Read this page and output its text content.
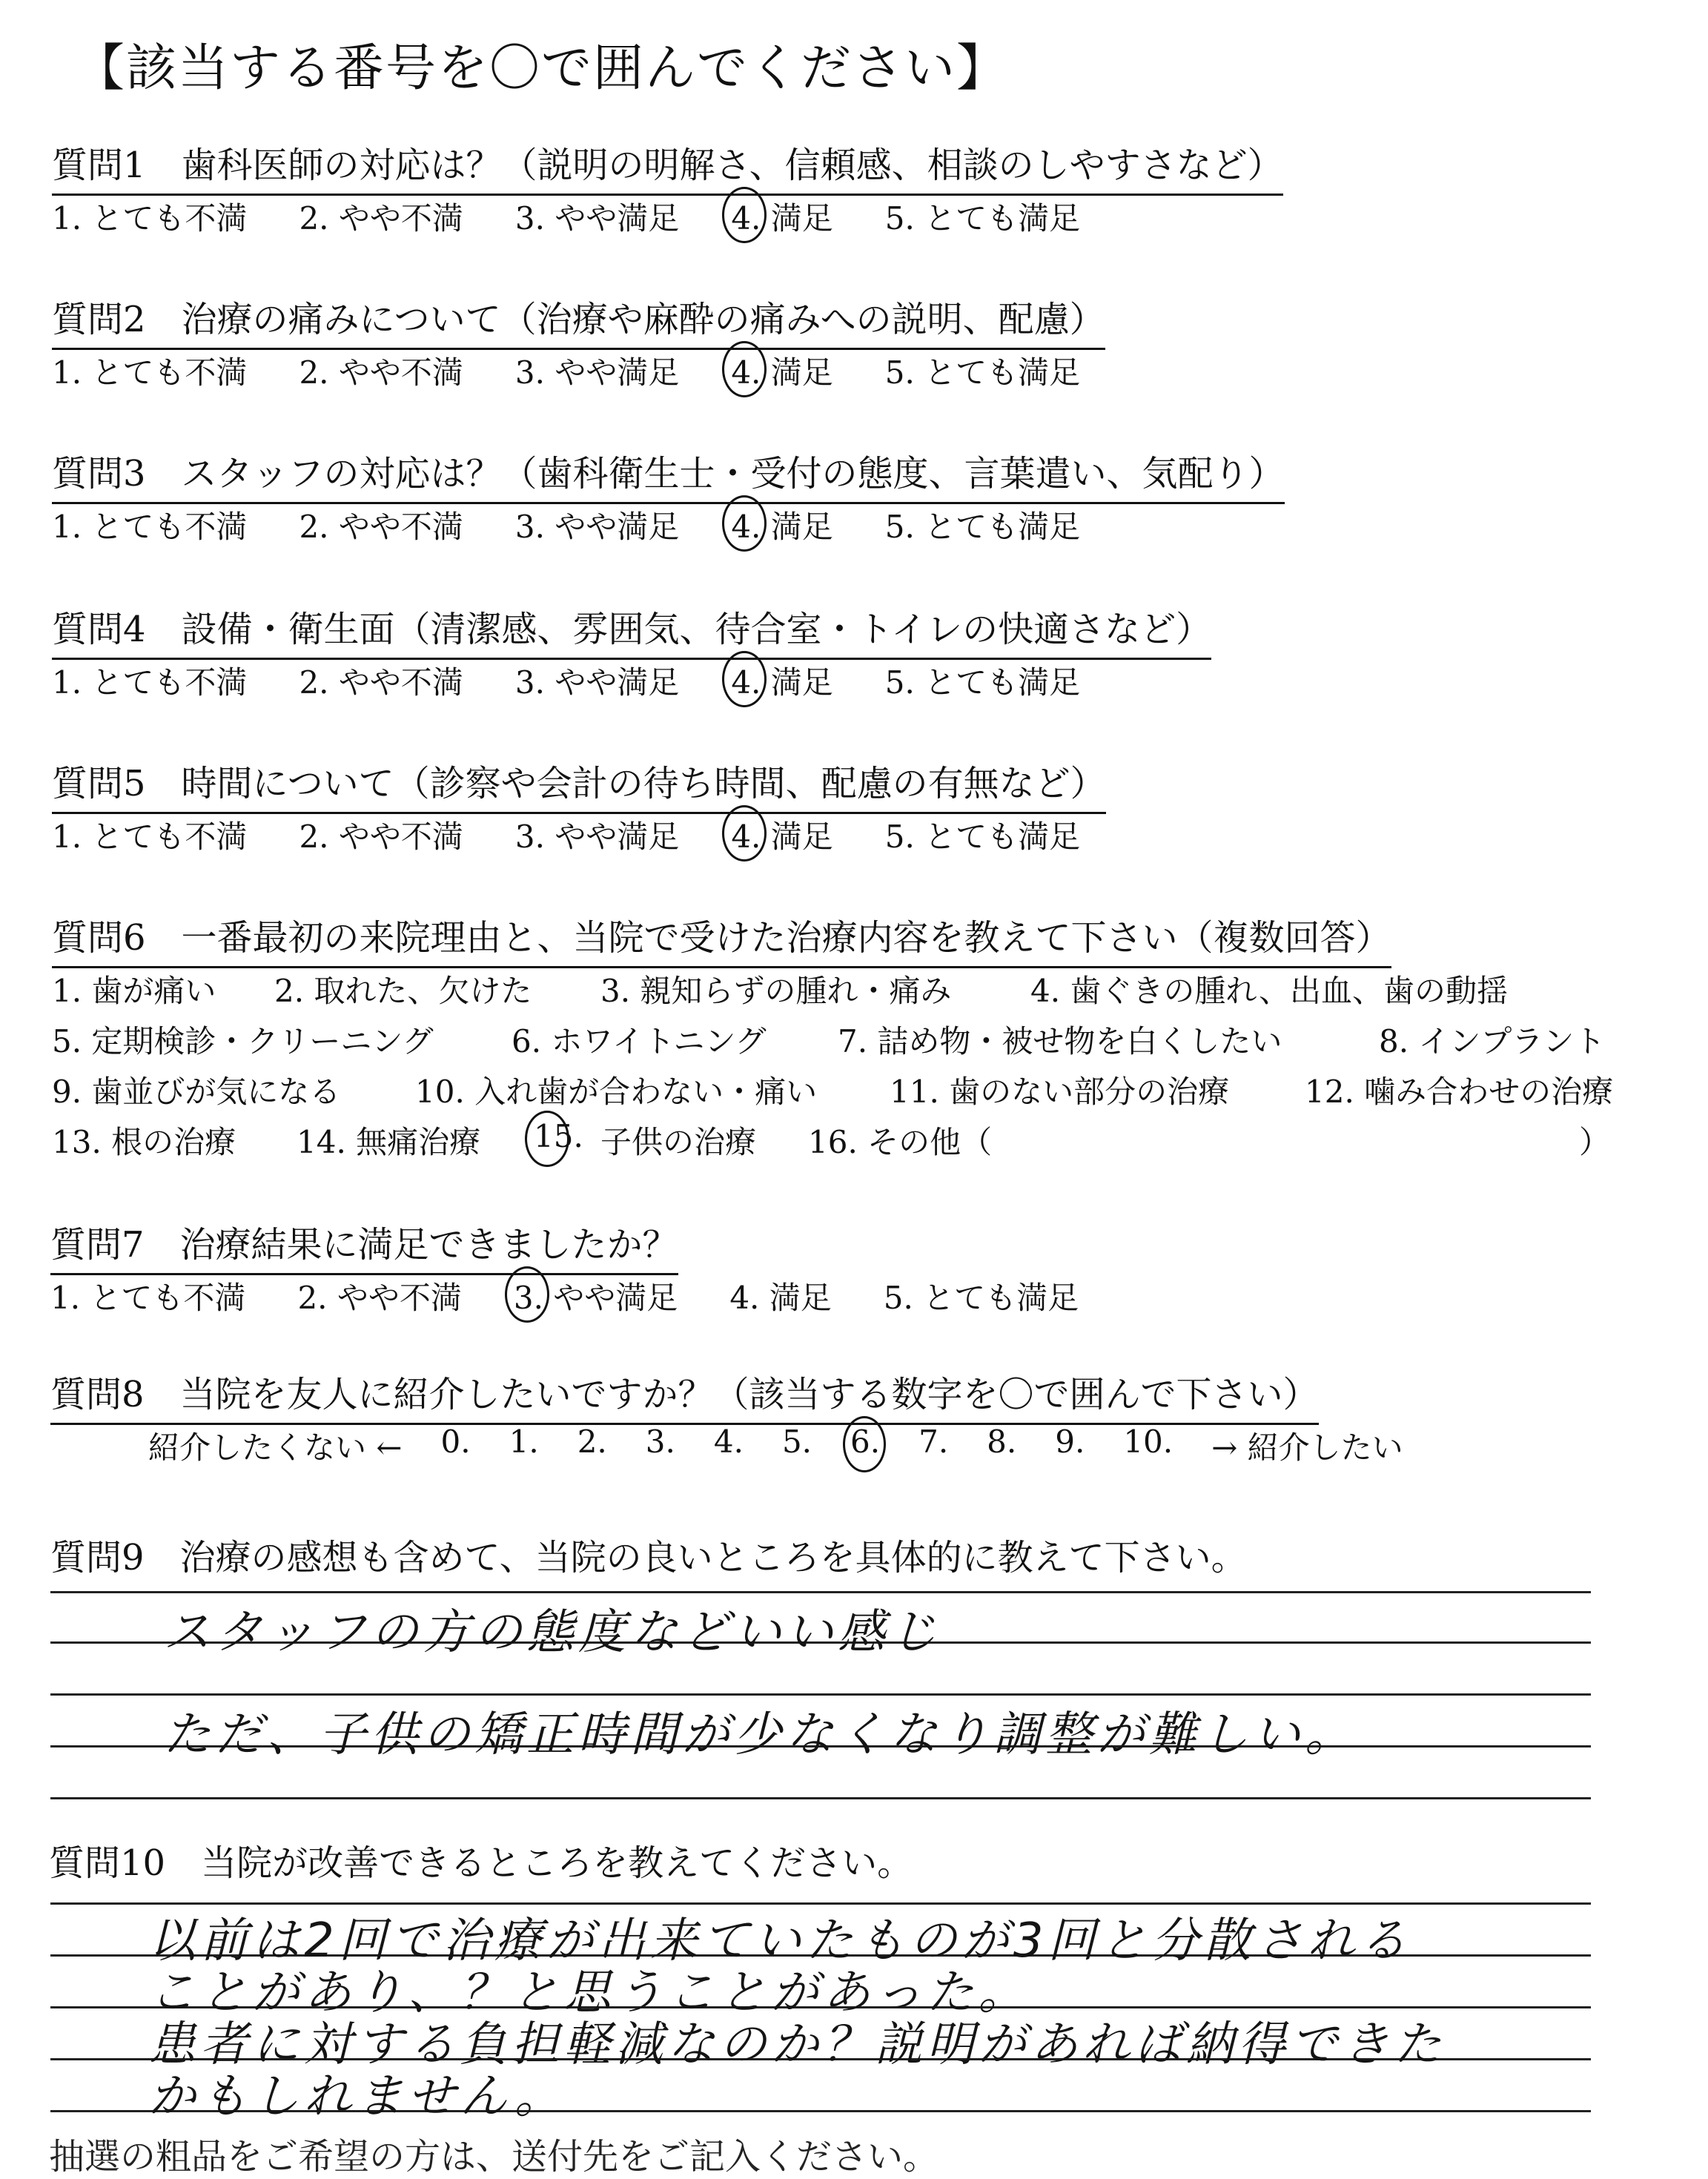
【該当する番号を〇で囲んでください】
質問1　歯科医師の対応は？（説明の明解さ、信頼感、相談のしやすさなど）
1. とても不満 2. やや不満 3. やや満足 4. 満足 5. とても満足
質問2　治療の痛みについて（治療や麻酔の痛みへの説明、配慮）
1. とても不満 2. やや不満 3. やや満足 4. 満足 5. とても満足
質問3　スタッフの対応は？（歯科衛生士・受付の態度、言葉遣い、気配り）
1. とても不満 2. やや不満 3. やや満足 4. 満足 5. とても満足
質問4　設備・衛生面（清潔感、雰囲気、待合室・トイレの快適さなど）
1. とても不満 2. やや不満 3. やや満足 4. 満足 5. とても満足
質問5　時間について（診察や会計の待ち時間、配慮の有無など）
1. とても不満 2. やや不満 3. やや満足 4. 満足 5. とても満足
質問6　一番最初の来院理由と、当院で受けた治療内容を教えて下さい（複数回答）
1. 歯が痛い 2. 取れた、欠けた 3. 親知らずの腫れ・痛み	4. 歯ぐきの腫れ、出血、歯の動揺
5. 定期検診・クリーニング	6. ホワイトニング 7. 詰め物・被せ物を白くしたい	8. インプラント
9. 歯並びが気になる 10. 入れ歯が合わない・痛い 11. 歯のない部分の治療 12. 噛み合わせの治療
13. 根の治療 14. 無痛治療 15. 子供の治療 16. その他（	）
質問7　治療結果に満足できましたか？
1. とても不満 2. やや不満 3. やや満足 4. 満足 5. とても満足
質問8　当院を友人に紹介したいですか？（該当する数字を〇で囲んで下さい）
紹介したくない ← 0. 1. 2. 3. 4. 5. 6. 7. 8. 9. 10. → 紹介したい
質問9　治療の感想も含めて、当院の良いところを具体的に教えて下さい。
スタッフの方の態度などいい感じ
ただ、子供の矯正時間が少なくなり調整が難しい。
質問10　当院が改善できるところを教えてください。
以前は2回で治療が出来ていたものが3回と分散される
ことがあり、？と思うことがあった。
患者に対する負担軽減なのか？説明があれば納得できた
かもしれません。
抽選の粗品をご希望の方は、送付先をご記入ください。
